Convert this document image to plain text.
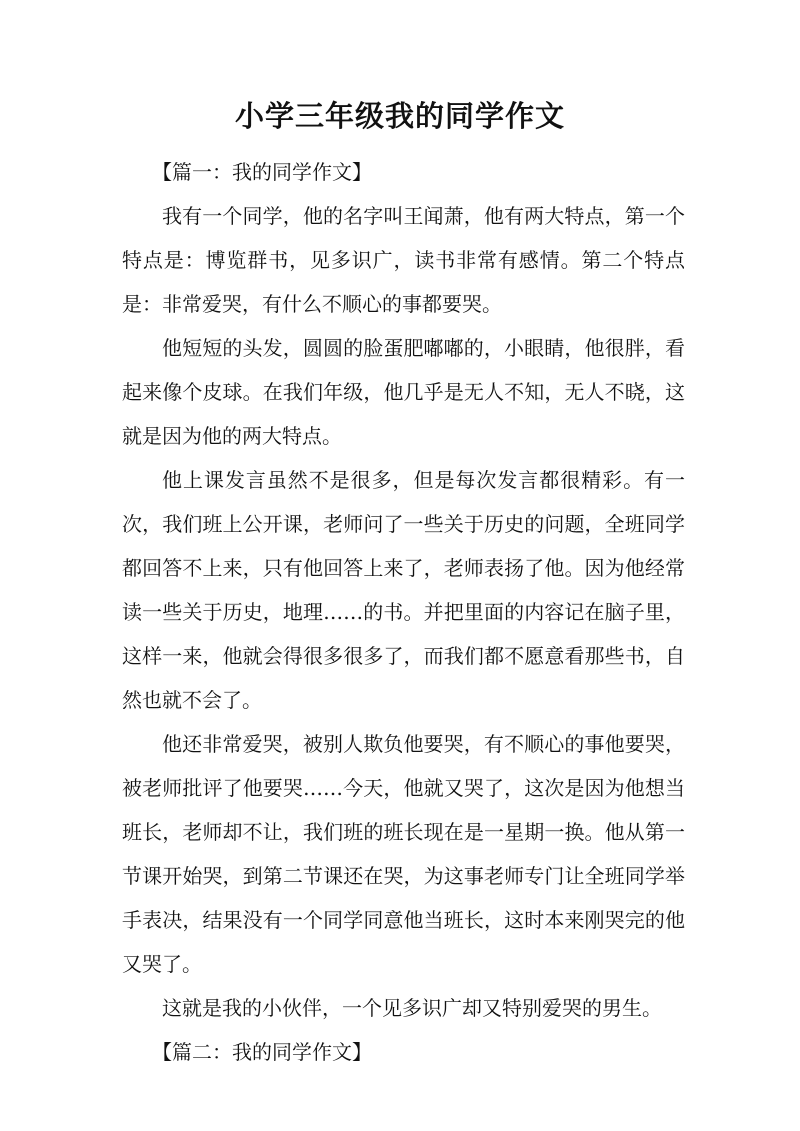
小学三年级我的同学作文

【篇一：我的同学作文】

我有一个同学，他的名字叫王闻萧，他有两大特点，第一个特点是：博览群书，见多识广，读书非常有感情。第二个特点是：非常爱哭，有什么不顺心的事都要哭。

他短短的头发，圆圆的脸蛋肥嘟嘟的，小眼睛，他很胖，看起来像个皮球。在我们年级，他几乎是无人不知，无人不晓，这就是因为他的两大特点。

他上课发言虽然不是很多，但是每次发言都很精彩。有一次，我们班上公开课，老师问了一些关于历史的问题，全班同学都回答不上来，只有他回答上来了，老师表扬了他。因为他经常读一些关于历史，地理……的书。并把里面的内容记在脑子里，这样一来，他就会得很多很多了，而我们都不愿意看那些书，自然也就不会了。

他还非常爱哭，被别人欺负他要哭，有不顺心的事他要哭，被老师批评了他要哭……今天，他就又哭了，这次是因为他想当班长，老师却不让，我们班的班长现在是一星期一换。他从第一节课开始哭，到第二节课还在哭，为这事老师专门让全班同学举手表决，结果没有一个同学同意他当班长，这时本来刚哭完的他又哭了。

这就是我的小伙伴，一个见多识广却又特别爱哭的男生。

【篇二：我的同学作文】
